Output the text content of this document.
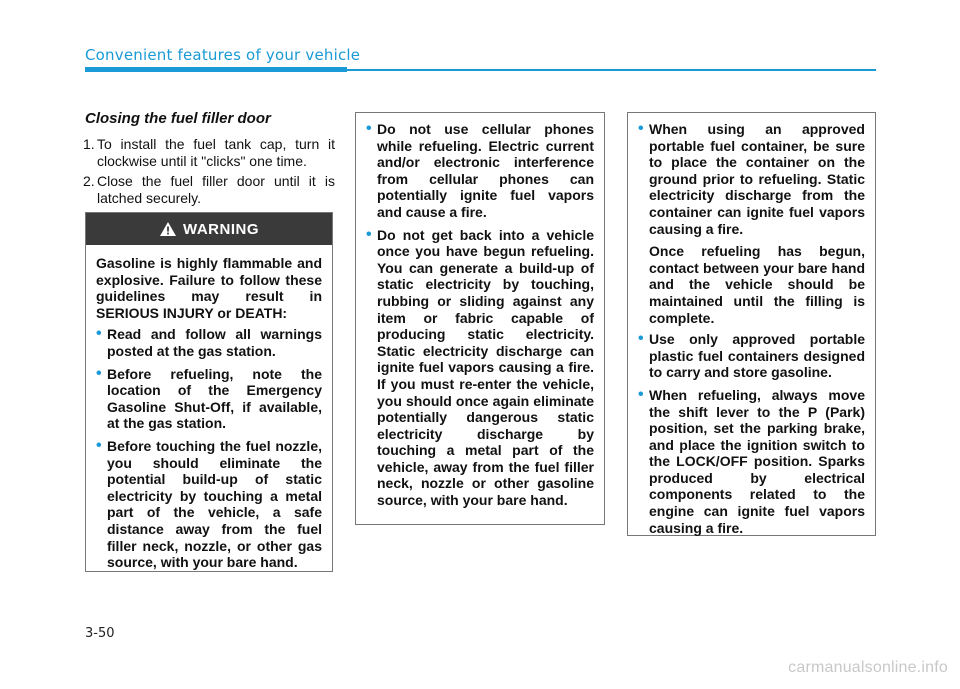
Convenient features of your vehicle
Closing the fuel filler door
1. To install the fuel tank cap, turn it clockwise until it "clicks" one time.
2. Close the fuel filler door until it is latched securely.
WARNING

Gasoline is highly flammable and explosive. Failure to follow these guidelines may result in SERIOUS INJURY or DEATH:

• Read and follow all warnings posted at the gas station.
• Before refueling, note the location of the Emergency Gasoline Shut-Off, if available, at the gas station.
• Before touching the fuel nozzle, you should eliminate the potential build-up of static electricity by touching a metal part of the vehicle, a safe distance away from the fuel filler neck, nozzle, or other gas source, with your bare hand.
• Do not use cellular phones while refueling. Electric current and/or electronic interference from cellular phones can potentially ignite fuel vapors and cause a fire.
• Do not get back into a vehicle once you have begun refueling. You can generate a build-up of static electricity by touching, rubbing or sliding against any item or fabric capable of producing static electricity. Static electricity discharge can ignite fuel vapors causing a fire. If you must re-enter the vehicle, you should once again eliminate potentially dangerous static electricity discharge by touching a metal part of the vehicle, away from the fuel filler neck, nozzle or other gasoline source, with your bare hand.

• When using an approved portable fuel container, be sure to place the container on the ground prior to refueling. Static electricity discharge from the container can ignite fuel vapors causing a fire.

Once refueling has begun, contact between your bare hand and the vehicle should be maintained until the filling is complete.

• Use only approved portable plastic fuel containers designed to carry and store gasoline.
• When refueling, always move the shift lever to the P (Park) position, set the parking brake, and place the ignition switch to the LOCK/OFF position. Sparks produced by electrical components related to the engine can ignite fuel vapors causing a fire.
3-50
carmanualsonline.info
